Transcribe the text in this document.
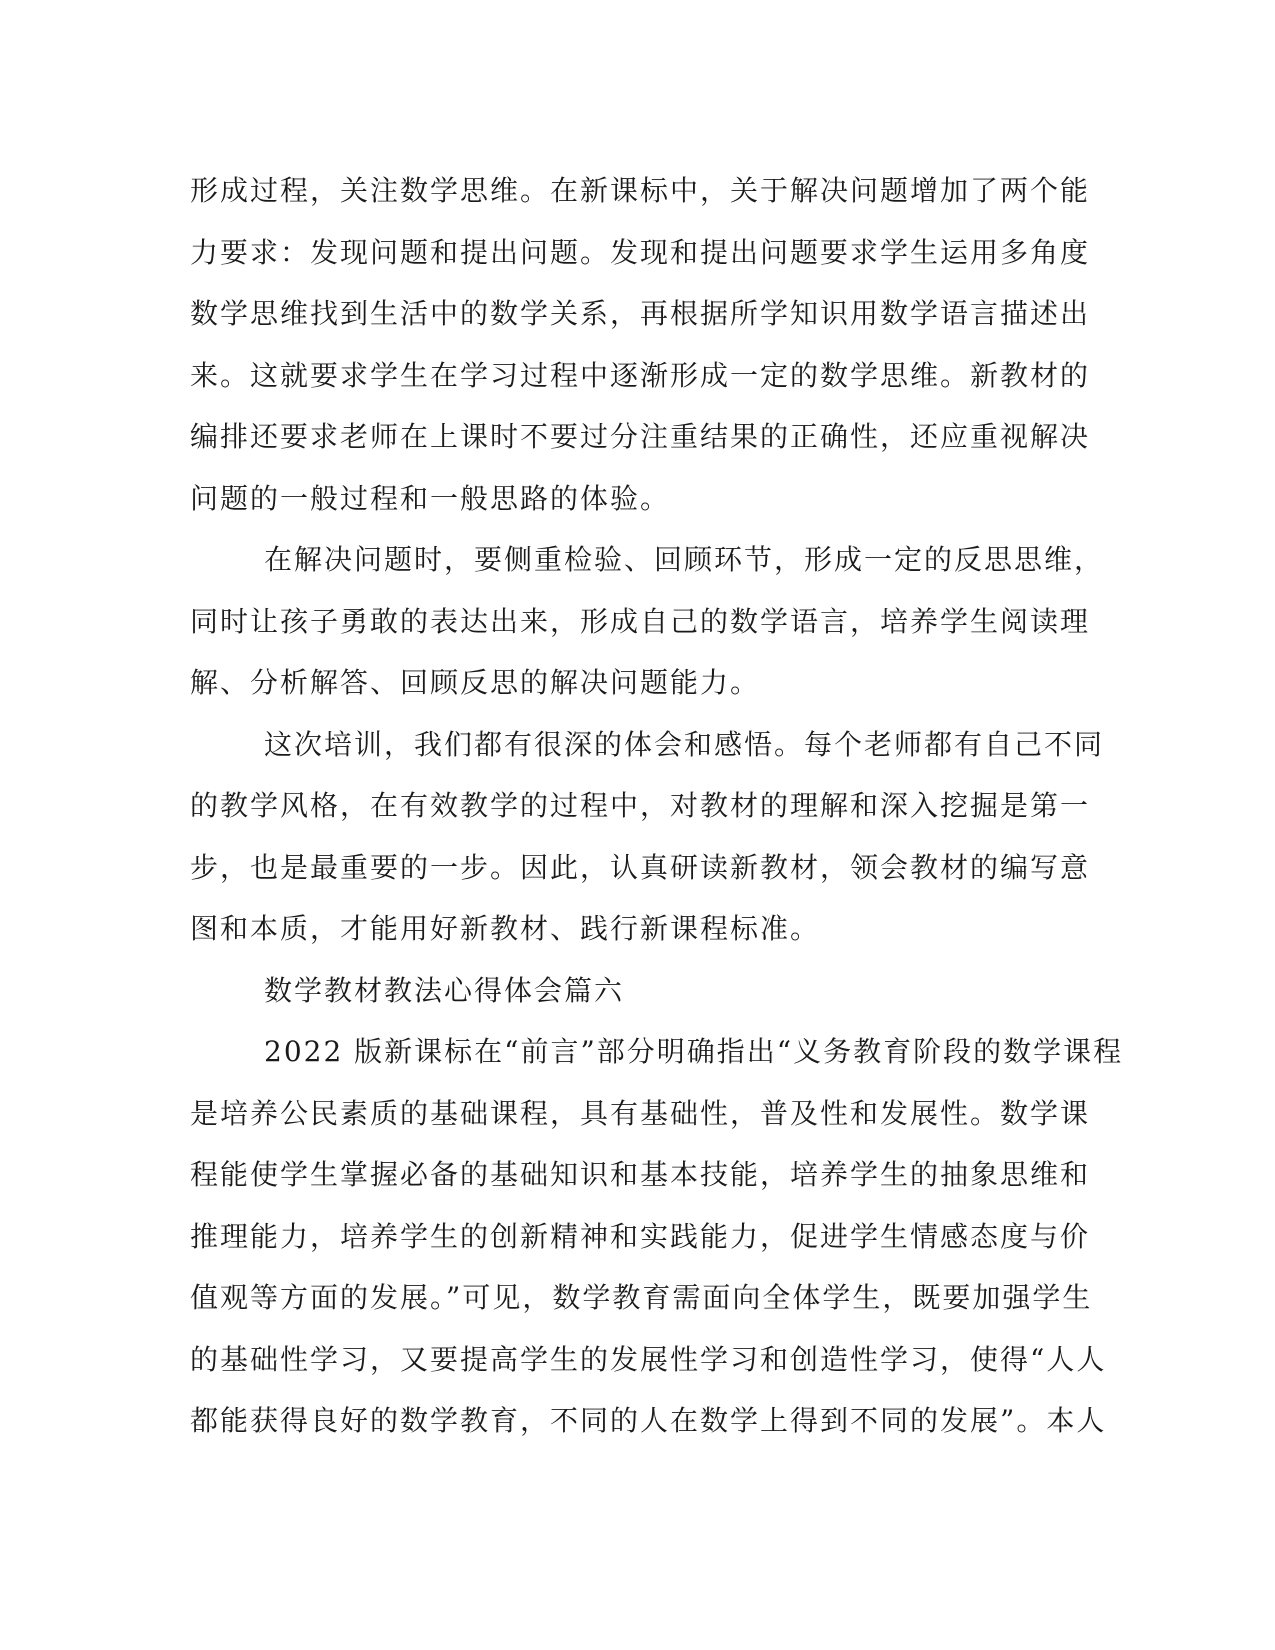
形成过程，关注数学思维。在新课标中，关于解决问题增加了两个能
力要求：发现问题和提出问题。发现和提出问题要求学生运用多角度
数学思维找到生活中的数学关系，再根据所学知识用数学语言描述出
来。这就要求学生在学习过程中逐渐形成一定的数学思维。新教材的
编排还要求老师在上课时不要过分注重结果的正确性，还应重视解决
问题的一般过程和一般思路的体验。
在解决问题时，要侧重检验、回顾环节，形成一定的反思思维，
同时让孩子勇敢的表达出来，形成自己的数学语言，培养学生阅读理
解、分析解答、回顾反思的解决问题能力。
这次培训，我们都有很深的体会和感悟。每个老师都有自己不同
的教学风格，在有效教学的过程中，对教材的理解和深入挖掘是第一
步，也是最重要的一步。因此，认真研读新教材，领会教材的编写意
图和本质，才能用好新教材、践行新课程标准。
数学教材教法心得体会篇六
2022 版新课标在“前言”部分明确指出“义务教育阶段的数学课程
是培养公民素质的基础课程，具有基础性，普及性和发展性。数学课
程能使学生掌握必备的基础知识和基本技能，培养学生的抽象思维和
推理能力，培养学生的创新精神和实践能力，促进学生情感态度与价
值观等方面的发展。”可见，数学教育需面向全体学生，既要加强学生
的基础性学习，又要提高学生的发展性学习和创造性学习，使得“人人
都能获得良好的数学教育，不同的人在数学上得到不同的发展”。本人
